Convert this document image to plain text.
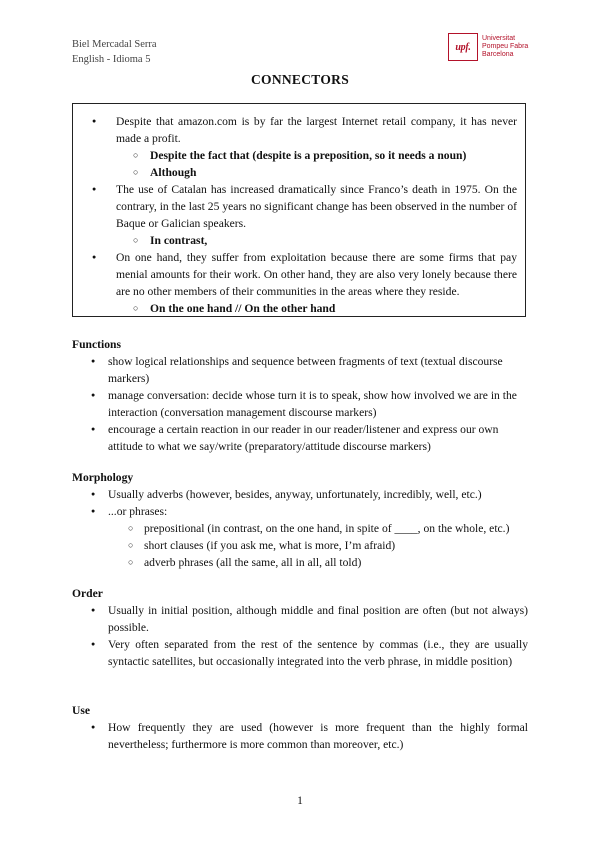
Biel Mercadal Serra
English - Idioma 5
upf.
Universitat
Pompeu Fabra
Barcelona
CONNECTORS
● Despite that amazon.com is by far the largest Internet retail company, it has never made a profit.
○ Despite the fact that (despite is a preposition, so it needs a noun)
○ Although
● The use of Catalan has increased dramatically since Franco’s death in 1975. On the contrary, in the last 25 years no significant change has been observed in the number of Baque or Galician speakers.
○ In contrast,
● On one hand, they suffer from exploitation because there are some firms that pay menial amounts for their work. On other hand, they are also very lonely because there are no other members of their communities in the areas where they reside.
○ On the one hand // On the other hand
Functions
● show logical relationships and sequence between fragments of text (textual discourse markers)
● manage conversation: decide whose turn it is to speak, show how involved we are in the interaction (conversation management discourse markers)
● encourage a certain reaction in our reader in our reader/listener and express our own attitude to what we say/write (preparatory/attitude discourse markers)
Morphology
● Usually adverbs (however, besides, anyway, unfortunately, incredibly, well, etc.)
● ...or phrases:
○ prepositional (in contrast, on the one hand, in spite of ____, on the whole, etc.)
○ short clauses (if you ask me, what is more, I’m afraid)
○ adverb phrases (all the same, all in all, all told)
Order
● Usually in initial position, although middle and final position are often (but not always) possible.
● Very often separated from the rest of the sentence by commas (i.e., they are usually syntactic satellites, but occasionally integrated into the verb phrase, in middle position)
Use
● How frequently they are used (however is more frequent than the highly formal nevertheless; furthermore is more common than moreover, etc.)
1
